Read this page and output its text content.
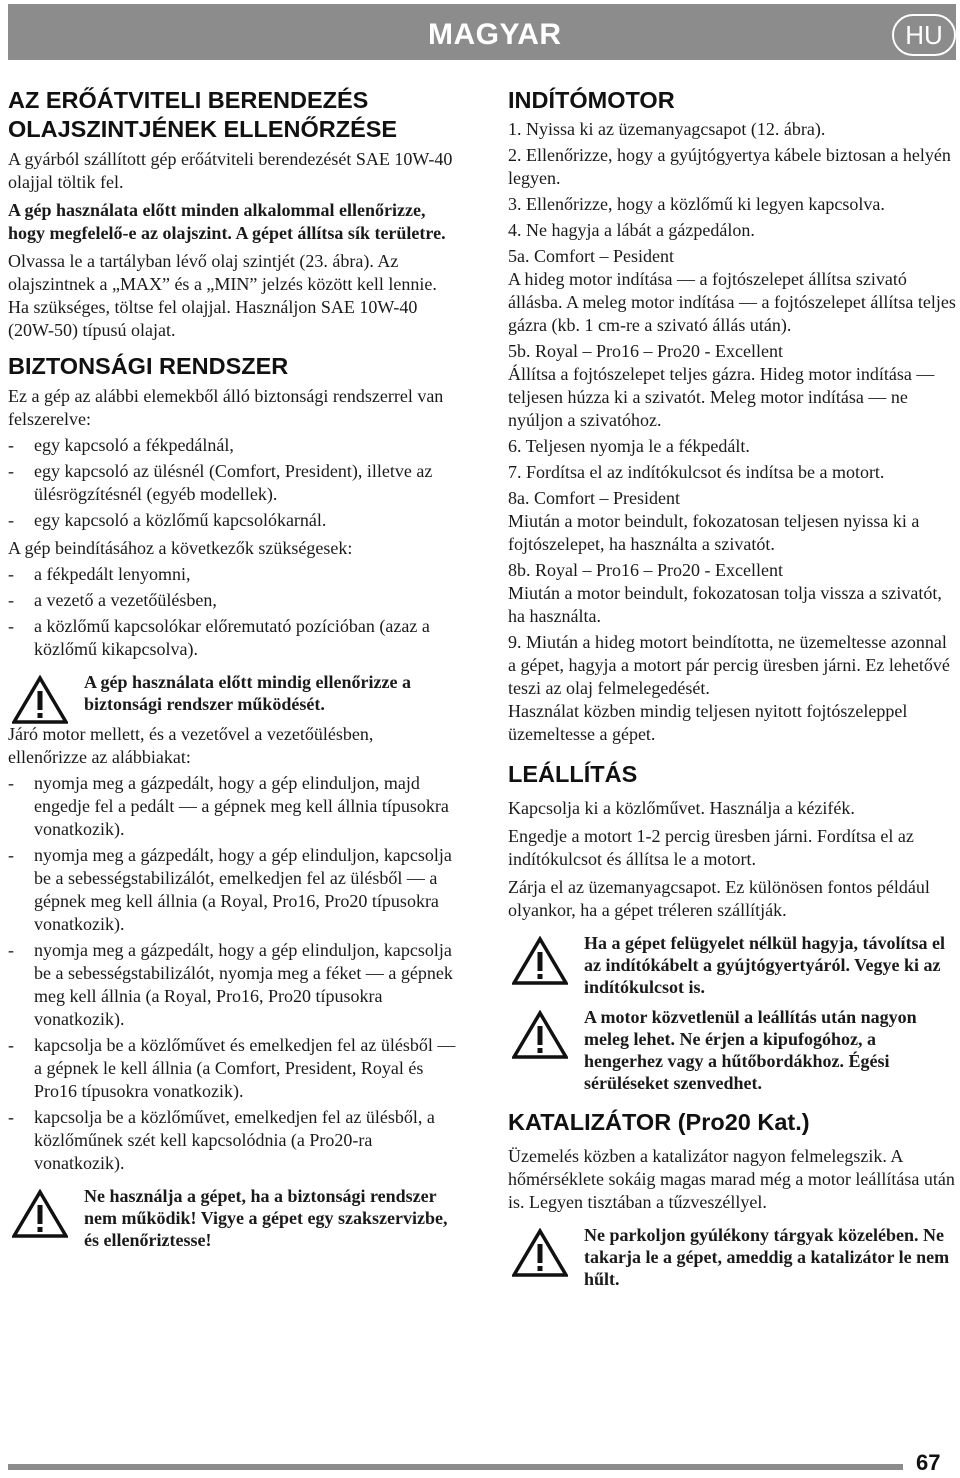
MAGYAR	HU
AZ ERŐÁTVITELI BERENDEZÉS OLAJSZINTJÉNEK ELLENŐRZÉSE

A gyárból szállított gép erőátviteli berendezését SAE 10W-40 olajjal töltik fel.

A gép használata előtt minden alkalommal ellenőrizze, hogy megfelelő-e az olajszint. A gépet állítsa sík területre.

Olvassa le a tartályban lévő olaj szintjét (23. ábra). Az olajszintnek a „MAX” és a „MIN” jelzés között kell lennie. Ha szükséges, töltse fel olajjal. Használjon SAE 10W-40 (20W-50) típusú olajat.

BIZTONSÁGI RENDSZER

Ez a gép az alábbi elemekből álló biztonsági rendszerrel van felszerelve:

- egy kapcsoló a fékpedálnál,
- egy kapcsoló az ülésnél (Comfort, President), illetve az ülésrögzítésnél (egyéb modellek).
- egy kapcsoló a közlőmű kapcsolókarnál.

A gép beindításához a következők szükségesek:

- a fékpedált lenyomni,
- a vezető a vezetőülésben,
- a közlőmű kapcsolókar előremutató pozícióban (azaz a közlőmű kikapcsolva).
A gép használata előtt mindig ellenőrizze a biztonsági rendszer működését.

Járó motor mellett, és a vezetővel a vezetőülésben, ellenőrizze az alábbiakat:

- nyomja meg a gázpedált, hogy a gép elinduljon, majd engedje fel a pedált — a gépnek meg kell állnia típusokra vonatkozik).
- nyomja meg a gázpedált, hogy a gép elinduljon, kapcsolja be a sebességstabilizálót, emelkedjen fel az ülésből — a gépnek meg kell állnia (a Royal, Pro16, Pro20 típusokra vonatkozik).
- nyomja meg a gázpedált, hogy a gép elinduljon, kapcsolja be a sebességstabilizálót, nyomja meg a féket — a gépnek meg kell állnia (a Royal, Pro16, Pro20 típusokra vonatkozik).
- kapcsolja be a közlőművet és emelkedjen fel az ülésből — a gépnek le kell állnia (a Comfort, President, Royal és Pro16 típusokra vonatkozik).
- kapcsolja be a közlőművet, emelkedjen fel az ülésből, a közlőműnek szét kell kapcsolódnia (a Pro20-ra vonatkozik).
Ne használja a gépet, ha a biztonsági rendszer nem működik! Vigye a gépet egy szakszervizbe, és ellenőriztesse!
INDÍTÓMOTOR
1. Nyissa ki az üzemanyagcsapot (12. ábra).
2. Ellenőrizze, hogy a gyújtógyertya kábele biztosan a helyén legyen.
3. Ellenőrizze, hogy a közlőmű ki legyen kapcsolva.
4. Ne hagyja a lábát a gázpedálon.
5a. Comfort – Pesident
A hideg motor indítása — a fojtószelepet állítsa szivató állásba. A meleg motor indítása — a fojtószelepet állítsa teljes gázra (kb. 1 cm-re a szivató állás után).
5b. Royal – Pro16 – Pro20 - Excellent
Állítsa a fojtószelepet teljes gázra. Hideg motor indítása — teljesen húzza ki a szivatót. Meleg motor indítása — ne nyúljon a szivatóhoz.
6. Teljesen nyomja le a fékpedált.
7. Fordítsa el az indítókulcsot és indítsa be a motort.
8a. Comfort – President
Miután a motor beindult, fokozatosan teljesen nyissa ki a fojtószelepet, ha használta a szivatót.
8b. Royal – Pro16 – Pro20 - Excellent
Miután a motor beindult, fokozatosan tolja vissza a szivatót, ha használta.
9. Miután a hideg motort beindította, ne üzemeltesse azonnal a gépet, hagyja a motort pár percig üresben járni. Ez lehetővé teszi az olaj felmelegedését.
Használat közben mindig teljesen nyitott fojtószeleppel üzemeltesse a gépet.
LEÁLLÍTÁS

Kapcsolja ki a közlőművet. Használja a kézifék.

Engedje a motort 1-2 percig üresben járni. Fordítsa el az indítókulcsot és állítsa le a motort.

Zárja el az üzemanyagcsapot. Ez különösen fontos például olyankor, ha a gépet tréleren szállítják.

Ha a gépet felügyelet nélkül hagyja, távolítsa el az indítókábelt a gyújtógyertyáról. Vegye ki az indítókulcsot is.
A motor közvetlenül a leállítás után nagyon meleg lehet. Ne érjen a kipufogóhoz, a hengerhez vagy a hűtőbordákhoz. Égési sérüléseket szenvedhet.
KATALIZÁTOR (Pro20 Kat.)

Üzemelés közben a katalizátor nagyon felmelegszik. A hőmérséklete sokáig magas marad még a motor leállítása után is. Legyen tisztában a tűzveszéllyel.

Ne parkoljon gyúlékony tárgyak közelében. Ne takarja le a gépet, ameddig a katalizátor le nem hűlt.
67
